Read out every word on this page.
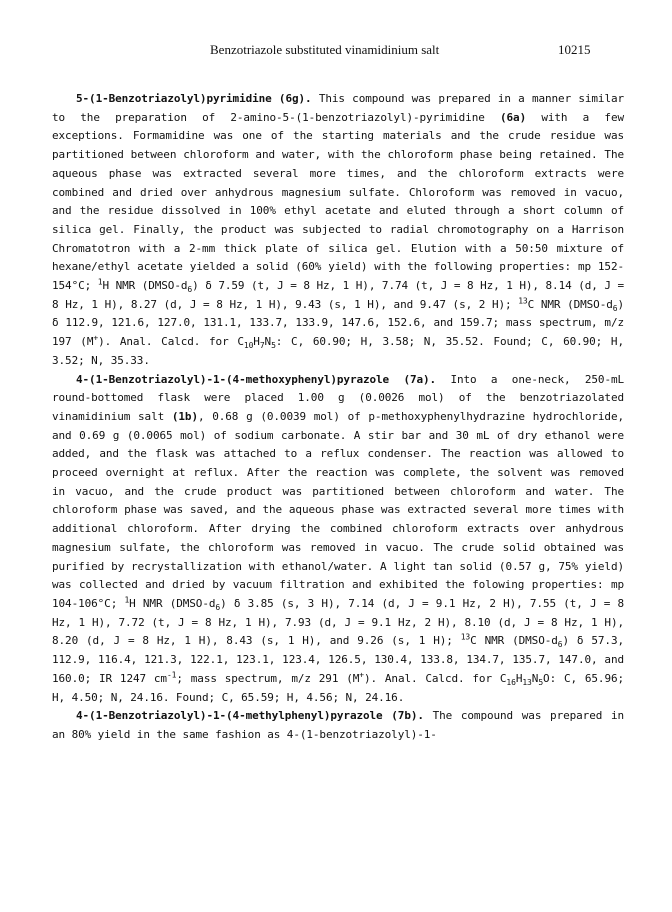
Benzotriazole substituted vinamidinium salt	10215

5-(1-Benzotriazolyl)pyrimidine (6g). This compound was prepared in a manner similar to the preparation of 2-amino-5-(1-benzotriazolyl)-pyrimidine (6a) with a few exceptions. Formamidine was one of the starting materials and the crude residue was partitioned between chloroform and water, with the chloroform phase being retained. The aqueous phase was extracted several more times, and the chloroform extracts were combined and dried over anhydrous magnesium sulfate. Chloroform was removed in vacuo, and the residue dissolved in 100% ethyl acetate and eluted through a short column of silica gel. Finally, the product was subjected to radial chromotography on a Harrison Chromatotron with a 2-mm thick plate of silica gel. Elution with a 50:50 mixture of hexane/ethyl acetate yielded a solid (60% yield) with the following properties: mp 152-154°C; $^1$H NMR $(DMSO-d_6)$ δ 7.59 (t, J = 8 Hz, 1 H), 7.74 (t, J = 8 Hz, 1 H), 8.14 (d, J = 8 Hz, 1 H), 8.27 (d, J = 8 Hz, 1 H), 9.43 (s, 1 H), and 9.47 (s, 2 H); $^{13}$C NMR $(DMSO-d_6)$ δ 112.9, 121.6, 127.0, 131.1, 133.7, 133.9, 147.6, 152.6, and 159.7; mass spectrum, m/z 197 (M+). Anal. Calcd. for $C_{10}H_7N_5$: C, 60.90; H, 3.58; N, 35.52. Found; C, 60.90; H, 3.52; N, 35.33.

4-(1-Benzotriazolyl)-1-(4-methoxyphenyl)pyrazole (7a). Into a one-neck, 250-mL round-bottomed flask were placed 1.00 g (0.0026 mol) of the benzotriazolated vinamidinium salt (1b), 0.68 g (0.0039 mol) of p-methoxyphenylhydrazine hydrochloride, and 0.69 g (0.0065 mol) of sodium carbonate. A stir bar and 30 mL of dry ethanol were added, and the flask was attached to a reflux condenser. The reaction was allowed to proceed overnight at reflux. After the reaction was complete, the solvent was removed in vacuo, and the crude product was partitioned between chloroform and water. The chloroform phase was saved, and the aqueous phase was extracted several more times with additional chloroform. After drying the combined chloroform extracts over anhydrous magnesium sulfate, the chloroform was removed in vacuo. The crude solid obtained was purified by recrystallization with ethanol/water. A light tan solid (0.57 g, 75% yield) was collected and dried by vacuum filtration and exhibited the folowing properties: mp 104-106°C; $^1$H NMR $(DMSO-d_6)$ δ 3.85 (s, 3 H), 7.14 (d, J = 9.1 Hz, 2 H), 7.55 (t, J = 8 Hz, 1 H), 7.72 (t, J = 8 Hz, 1 H), 7.93 (d, J = 9.1 Hz, 2 H), 8.10 (d, J = 8 Hz, 1 H), 8.20 (d, J = 8 Hz, 1 H), 8.43 (s, 1 H), and 9.26 (s, 1 H); $^{13}$C NMR $(DMSO-d_6)$ δ 57.3, 112.9, 116.4, 121.3, 122.1, 123.1, 123.4, 126.5, 130.4, 133.8, 134.7, 135.7, 147.0, and 160.0; IR 1247 $cm^{-1}$; mass spectrum, m/z 291 (M+). Anal. Calcd. for $C_{16}H_{13}N_5O$: C, 65.96; H, 4.50; N, 24.16. Found; C, 65.59; H, 4.56; N, 24.16.

4-(1-Benzotriazolyl)-1-(4-methylphenyl)pyrazole (7b). The compound was prepared in an 80% yield in the same fashion as 4-(1-benzotriazolyl)-1-
